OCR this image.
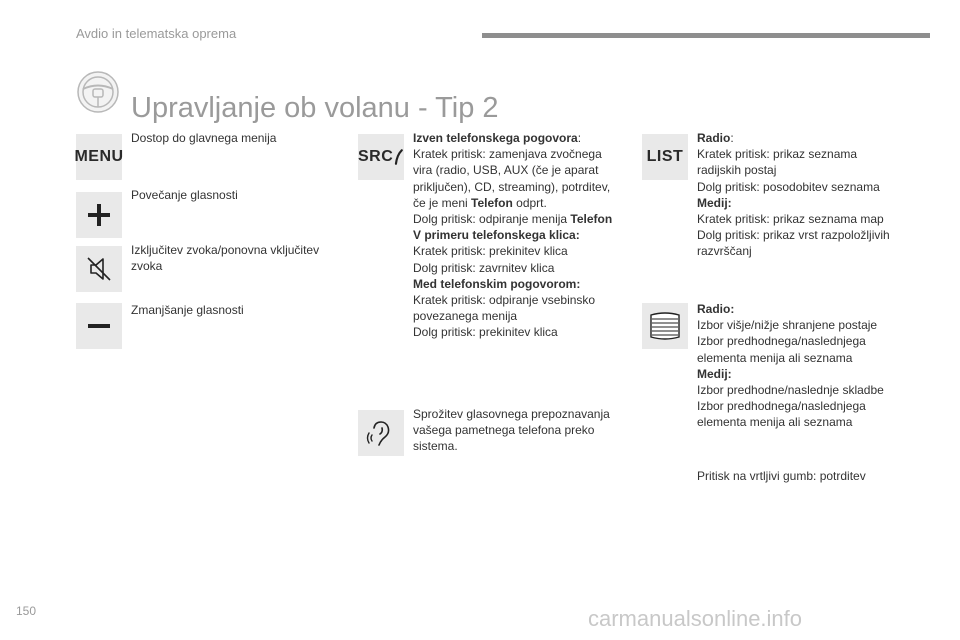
Avdio in telematska oprema
Upravljanje ob volanu - Tip 2
MENU

Dostop do glavnega menija

Povečanje glasnosti

Izključitev zvoka/ponovna vključitev

zvoka

Zmanjšanje glasnosti

SRC

Izven telefonskega pogovora:

Kratek pritisk: zamenjava zvočnega

vira (radio, USB, AUX (če je aparat

priključen), CD, streaming), potrditev,

če je meni Telefon odprt.

Dolg pritisk: odpiranje menija Telefon

V primeru telefonskega klica:

Kratek pritisk: prekinitev klica

Dolg pritisk: zavrnitev klica

Med telefonskim pogovorom:

Kratek pritisk: odpiranje vsebinsko

povezanega menija

Dolg pritisk: prekinitev klica

Sprožitev glasovnega prepoznavanja

vašega pametnega telefona preko

sistema.

LIST

Radio:

Kratek pritisk: prikaz seznama

radijskih postaj

Dolg pritisk: posodobitev seznama

Medij:

Kratek pritisk: prikaz seznama map

Dolg pritisk: prikaz vrst razpoložljivih

razvrščanj

Radio:

Izbor višje/nižje shranjene postaje

Izbor predhodnega/naslednjega

elementa menija ali seznama

Medij:

Izbor predhodne/naslednje skladbe

Izbor predhodnega/naslednjega

elementa menija ali seznama

Pritisk na vrtljivi gumb: potrditev

150	carmanualsonline.info
